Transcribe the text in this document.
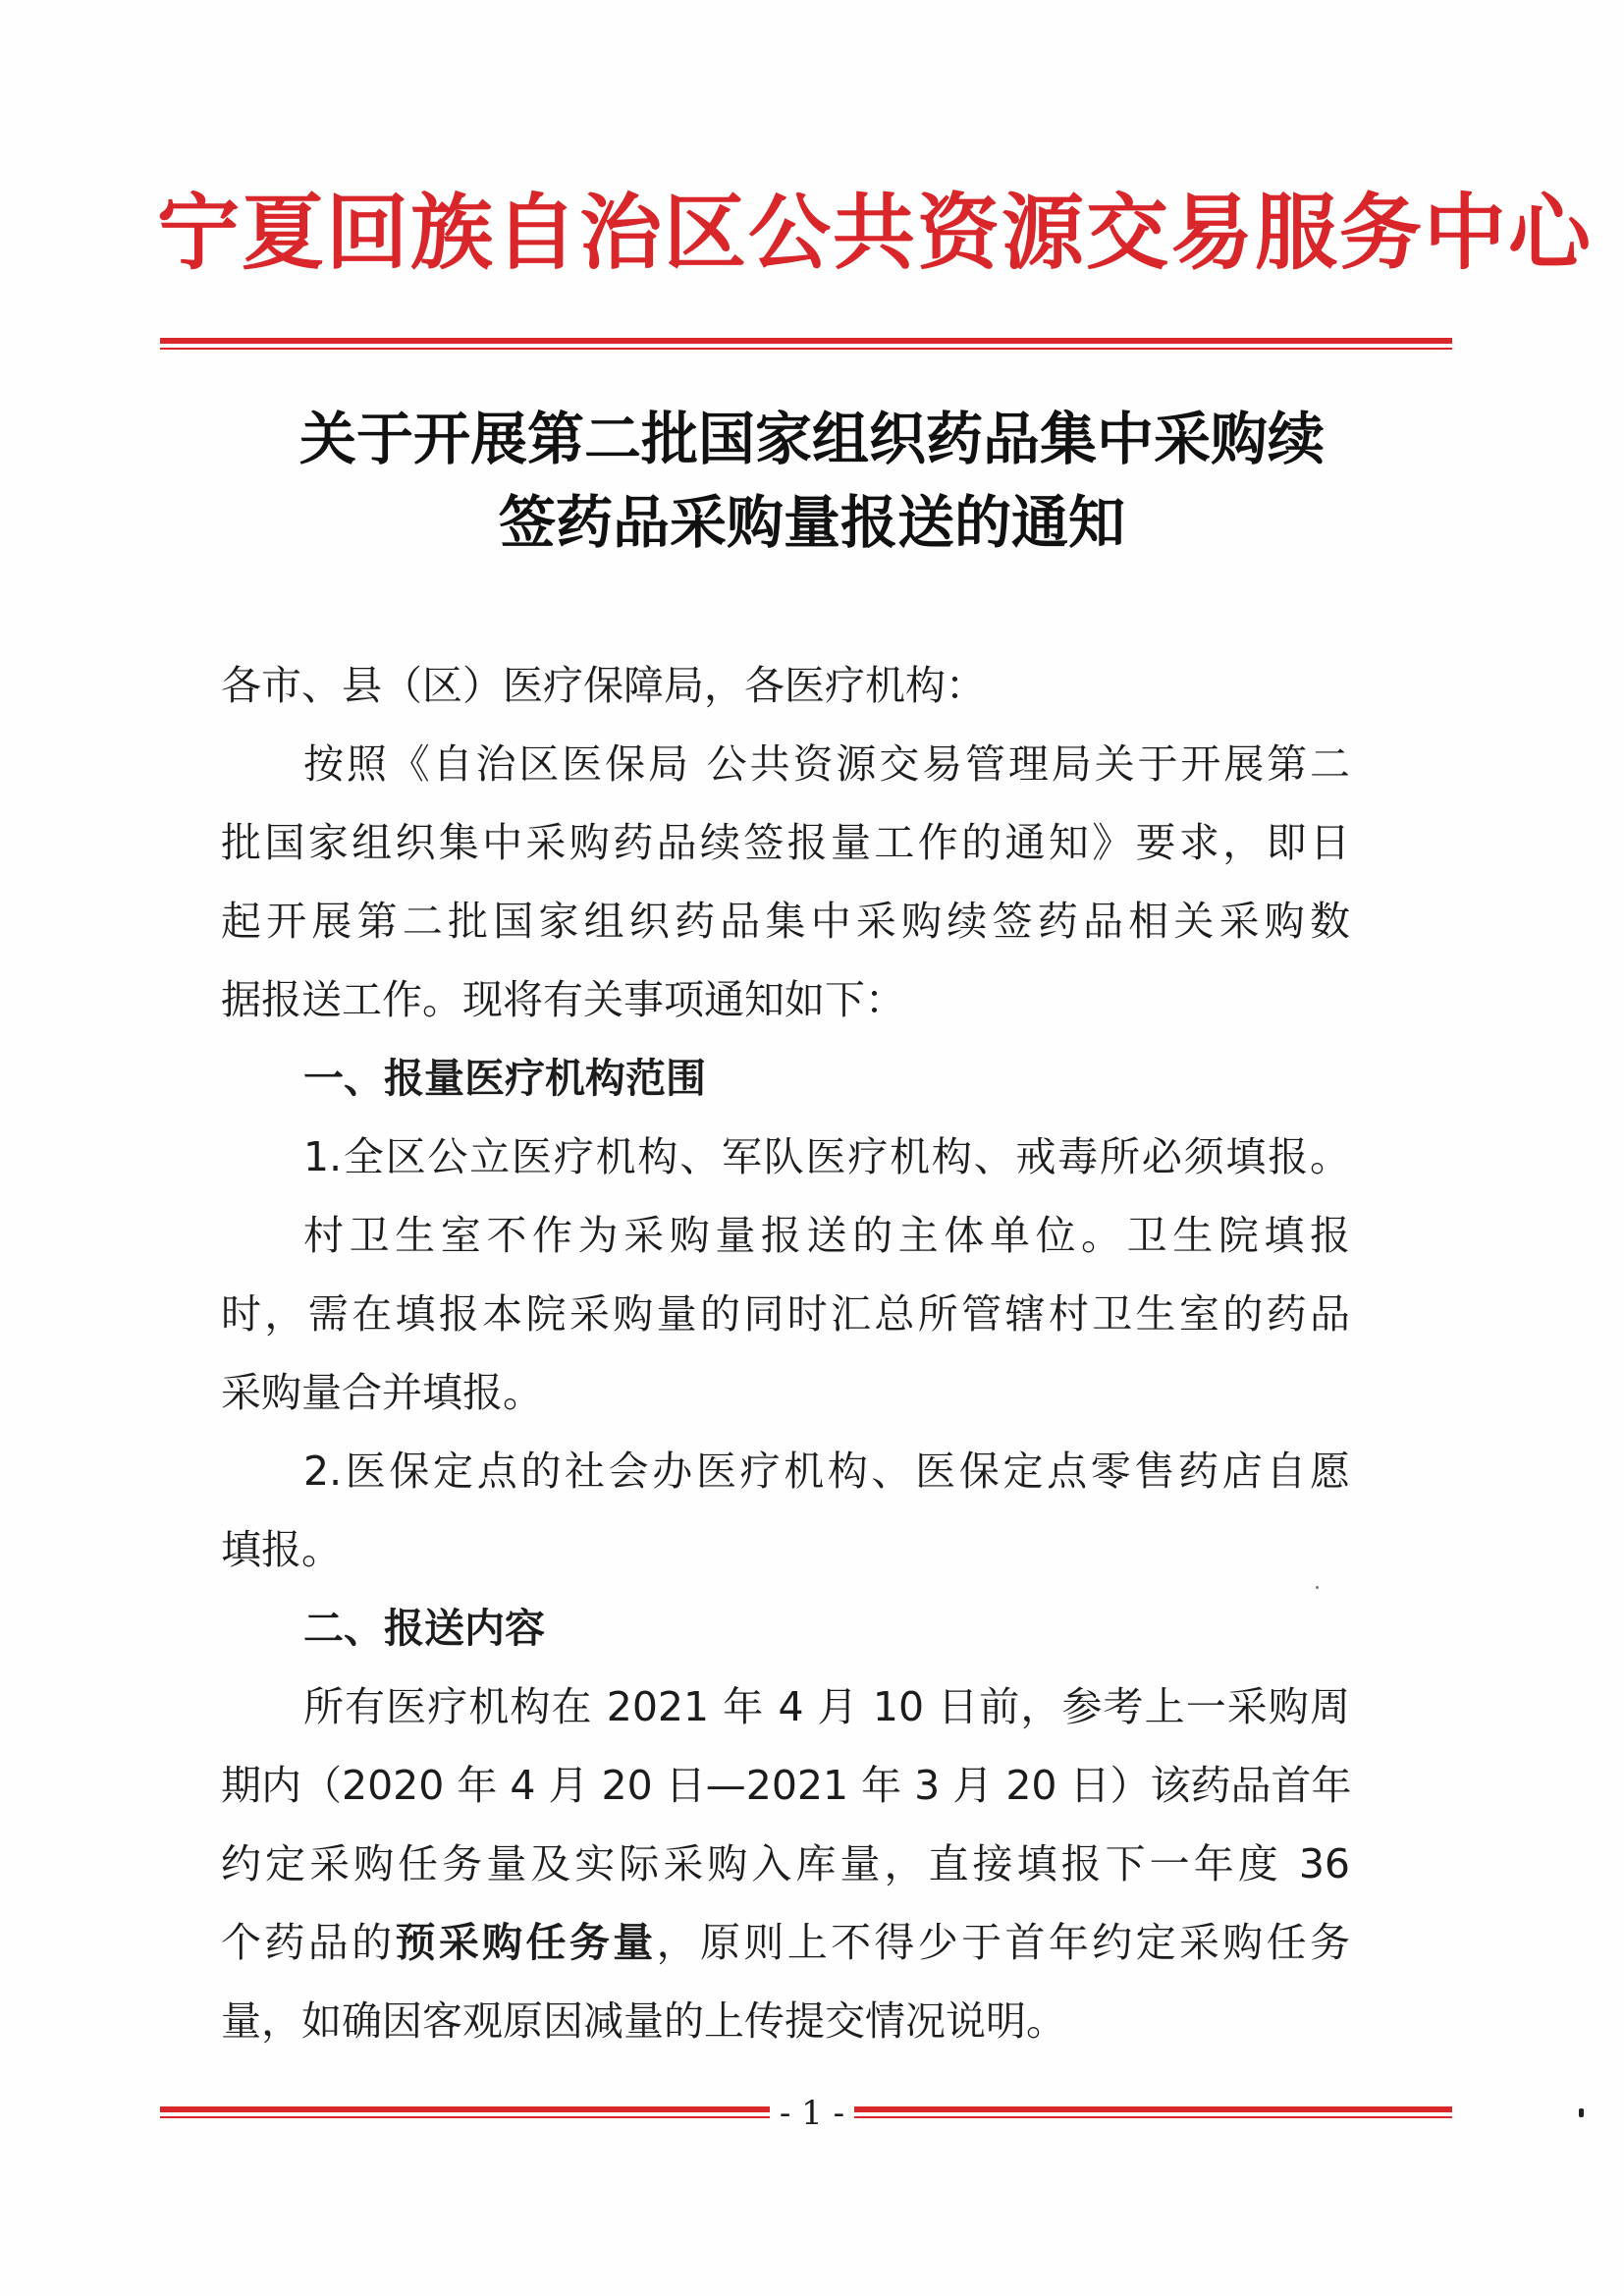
宁夏回族自治区公共资源交易服务中心
关于开展第二批国家组织药品集中采购续
签药品采购量报送的通知
各市、县（区）医疗保障局，各医疗机构：
按照《自治区医保局 公共资源交易管理局关于开展第二
批国家组织集中采购药品续签报量工作的通知》要求，即日
起开展第二批国家组织药品集中采购续签药品相关采购数
据报送工作。现将有关事项通知如下：
一、报量医疗机构范围
1.全区公立医疗机构、军队医疗机构、戒毒所必须填报。
村卫生室不作为采购量报送的主体单位。卫生院填报
时，需在填报本院采购量的同时汇总所管辖村卫生室的药品
采购量合并填报。
2.医保定点的社会办医疗机构、医保定点零售药店自愿
填报。
二、报送内容
所有医疗机构在 2021 年 4 月 10 日前，参考上一采购周
期内（2020 年 4 月 20 日—2021 年 3 月 20 日）该药品首年
约定采购任务量及实际采购入库量，直接填报下一年度 36
个药品的预采购任务量，原则上不得少于首年约定采购任务
量，如确因客观原因减量的上传提交情况说明。
- 1 -
